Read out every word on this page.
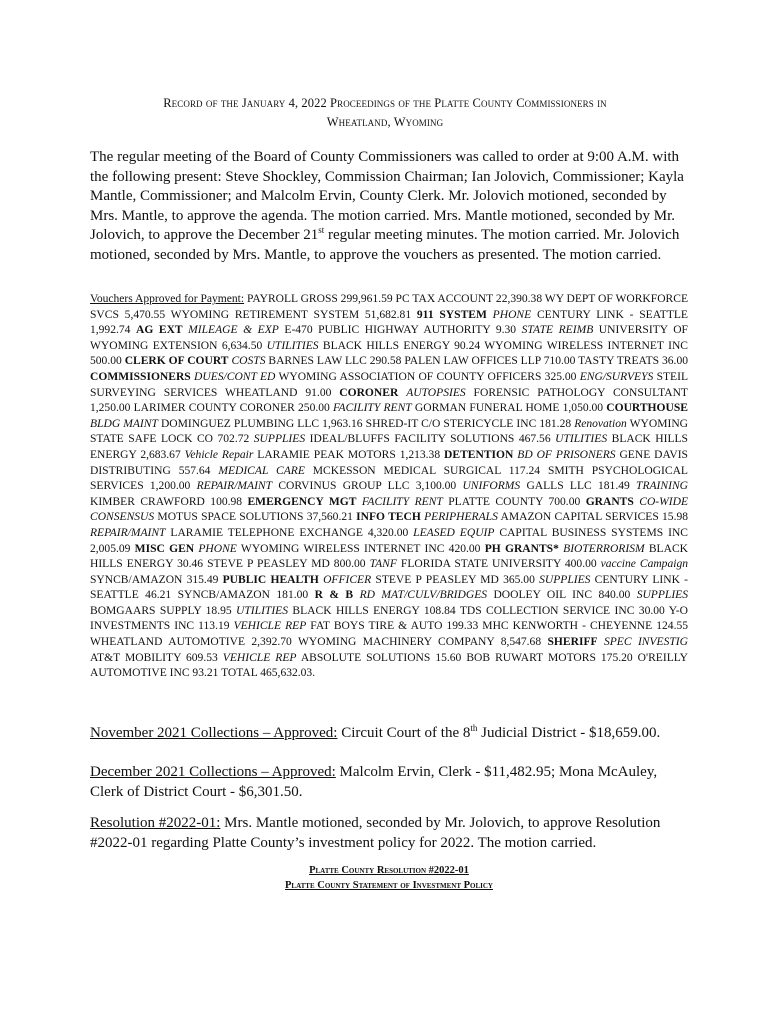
Record of the January 4, 2022 Proceedings of the Platte County Commissioners in
Wheatland, Wyoming

The regular meeting of the Board of County Commissioners was called to order at 9:00 A.M. with the following present: Steve Shockley, Commission Chairman; Ian Jolovich, Commissioner; Kayla Mantle, Commissioner; and Malcolm Ervin, County Clerk. Mr. Jolovich motioned, seconded by Mrs. Mantle, to approve the agenda. The motion carried. Mrs. Mantle motioned, seconded by Mr. Jolovich, to approve the December 21st regular meeting minutes. The motion carried. Mr. Jolovich motioned, seconded by Mrs. Mantle, to approve the vouchers as presented. The motion carried.

Vouchers Approved for Payment: PAYROLL GROSS 299,961.59 PC TAX ACCOUNT 22,390.38 WY DEPT OF WORKFORCE SVCS 5,470.55 WYOMING RETIREMENT SYSTEM 51,682.81 911 SYSTEM PHONE CENTURY LINK - SEATTLE 1,992.74 AG EXT MILEAGE & EXP E-470 PUBLIC HIGHWAY AUTHORITY 9.30 STATE REIMB UNIVERSITY OF WYOMING EXTENSION 6,634.50 UTILITIES BLACK HILLS ENERGY 90.24 WYOMING WIRELESS INTERNET INC 500.00 CLERK OF COURT COSTS BARNES LAW LLC 290.58 PALEN LAW OFFICES LLP 710.00 TASTY TREATS 36.00 COMMISSIONERS DUES/CONT ED WYOMING ASSOCIATION OF COUNTY OFFICERS 325.00 ENG/SURVEYS STEIL SURVEYING SERVICES WHEATLAND 91.00 CORONER AUTOPSIES FORENSIC PATHOLOGY CONSULTANT 1,250.00 LARIMER COUNTY CORONER 250.00 FACILITY RENT GORMAN FUNERAL HOME 1,050.00 COURTHOUSE BLDG MAINT DOMINGUEZ PLUMBING LLC 1,963.16 SHRED-IT C/O STERICYCLE INC 181.28 Renovation WYOMING STATE SAFE LOCK CO 702.72 SUPPLIES IDEAL/BLUFFS FACILITY SOLUTIONS 467.56 UTILITIES BLACK HILLS ENERGY 2,683.67 Vehicle Repair LARAMIE PEAK MOTORS 1,213.38 DETENTION BD OF PRISONERS GENE DAVIS DISTRIBUTING 557.64 MEDICAL CARE MCKESSON MEDICAL SURGICAL 117.24 SMITH PSYCHOLOGICAL SERVICES 1,200.00 REPAIR/MAINT CORVINUS GROUP LLC 3,100.00 UNIFORMS GALLS LLC 181.49 TRAINING KIMBER CRAWFORD 100.98 EMERGENCY MGT FACILITY RENT PLATTE COUNTY 700.00 GRANTS CO-WIDE CONSENSUS MOTUS SPACE SOLUTIONS 37,560.21 INFO TECH PERIPHERALS AMAZON CAPITAL SERVICES 15.98 REPAIR/MAINT LARAMIE TELEPHONE EXCHANGE 4,320.00 LEASED EQUIP CAPITAL BUSINESS SYSTEMS INC 2,005.09 MISC GEN PHONE WYOMING WIRELESS INTERNET INC 420.00 PH GRANTS* BIOTERRORISM BLACK HILLS ENERGY 30.46 STEVE P PEASLEY MD 800.00 TANF FLORIDA STATE UNIVERSITY 400.00 vaccine Campaign SYNCB/AMAZON 315.49 PUBLIC HEALTH OFFICER STEVE P PEASLEY MD 365.00 SUPPLIES CENTURY LINK - SEATTLE 46.21 SYNCB/AMAZON 181.00 R & B RD MAT/CULV/BRIDGES DOOLEY OIL INC 840.00 SUPPLIES BOMGAARS SUPPLY 18.95 UTILITIES BLACK HILLS ENERGY 108.84 TDS COLLECTION SERVICE INC 30.00 Y-O INVESTMENTS INC 113.19 VEHICLE REP FAT BOYS TIRE & AUTO 199.33 MHC KENWORTH - CHEYENNE 124.55 WHEATLAND AUTOMOTIVE 2,392.70 WYOMING MACHINERY COMPANY 8,547.68 SHERIFF SPEC INVESTIG AT&T MOBILITY 609.53 VEHICLE REP ABSOLUTE SOLUTIONS 15.60 BOB RUWART MOTORS 175.20 O'REILLY AUTOMOTIVE INC 93.21 TOTAL 465,632.03.

November 2021 Collections – Approved: Circuit Court of the 8th Judicial District - $18,659.00.

December 2021 Collections – Approved: Malcolm Ervin, Clerk - $11,482.95; Mona McAuley, Clerk of District Court - $6,301.50.

Resolution #2022-01: Mrs. Mantle motioned, seconded by Mr. Jolovich, to approve Resolution #2022-01 regarding Platte County’s investment policy for 2022. The motion carried.

Platte County Resolution #2022-01
Platte County Statement of Investment Policy
